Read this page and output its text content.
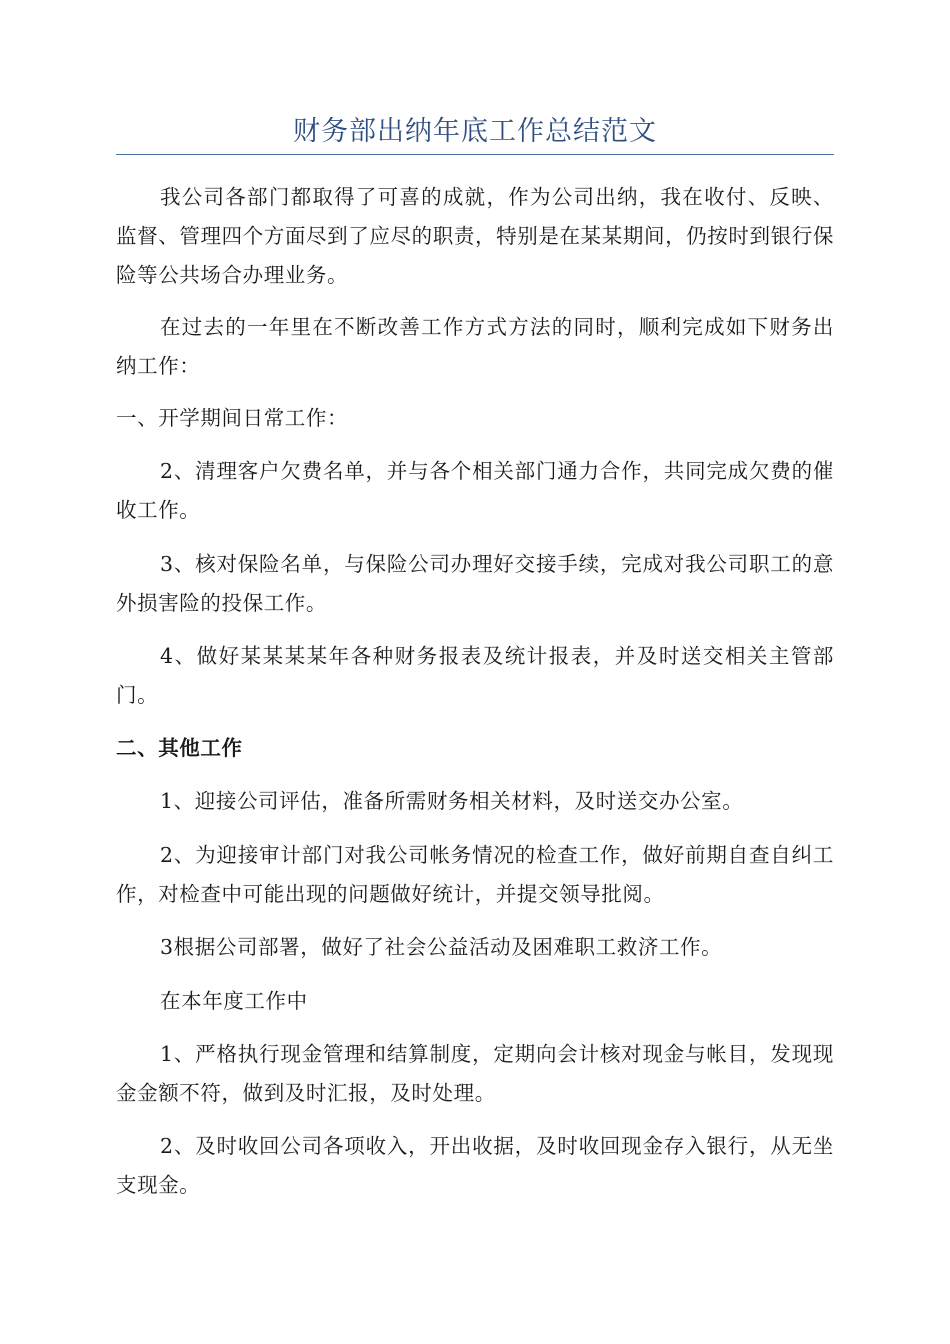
财务部出纳年底工作总结范文

我公司各部门都取得了可喜的成就，作为公司出纳，我在收付、反映、监督、管理四个方面尽到了应尽的职责，特别是在某某期间，仍按时到银行保险等公共场合办理业务。

在过去的一年里在不断改善工作方式方法的同时，顺利完成如下财务出纳工作：

一、开学期间日常工作：

2、清理客户欠费名单，并与各个相关部门通力合作，共同完成欠费的催收工作。

3、核对保险名单，与保险公司办理好交接手续，完成对我公司职工的意外损害险的投保工作。

4、做好某某某某年各种财务报表及统计报表，并及时送交相关主管部门。

二、其他工作

1、迎接公司评估，准备所需财务相关材料，及时送交办公室。

2、为迎接审计部门对我公司帐务情况的检查工作，做好前期自查自纠工作，对检查中可能出现的问题做好统计，并提交领导批阅。

3根据公司部署，做好了社会公益活动及困难职工救济工作。

在本年度工作中

1、严格执行现金管理和结算制度，定期向会计核对现金与帐目，发现现金金额不符，做到及时汇报，及时处理。

2、及时收回公司各项收入，开出收据，及时收回现金存入银行，从无坐支现金。
